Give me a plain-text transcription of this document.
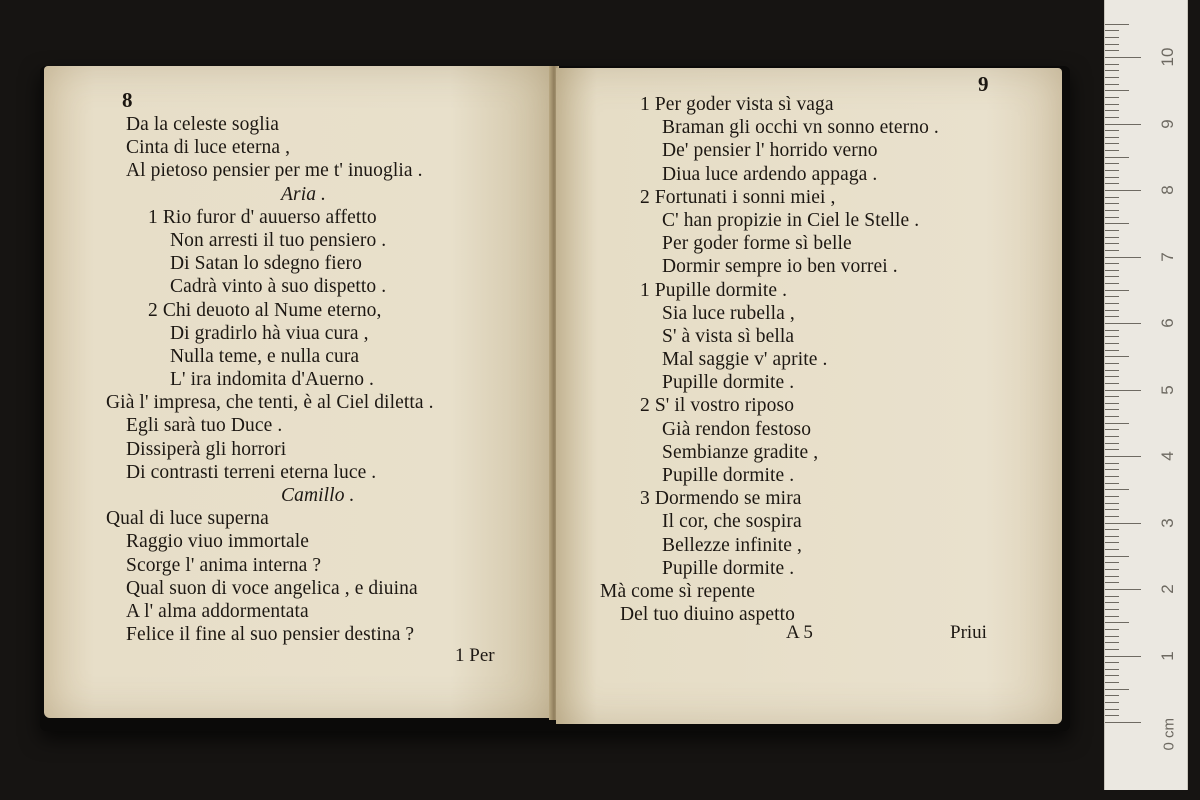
8
Da la celeste soglia
Cinta di luce eterna ,
Al pietoso pensier per me t' inuoglia .
Aria .
1 Rio furor d' auuerso affetto
Non arresti il tuo pensiero .
Di Satan lo sdegno fiero
Cadrà vinto à suo dispetto .
2 Chi deuoto al Nume eterno,
Di gradirlo hà viua cura ,
Nulla teme, e nulla cura
L' ira indomita d'Auerno .
Già l' impresa, che tenti, è al Ciel diletta .
Egli sarà tuo Duce .
Dissiperà gli horrori
Di contrasti terreni eterna luce .
Camillo .
Qual di luce superna
Raggio viuo immortale
Scorge l' anima interna ?
Qual suon di voce angelica , e diuina
A l' alma addormentata
Felice il fine al suo pensier destina ?
1 Per
9
1 Per goder vista sì vaga
Braman gli occhi vn sonno eterno .
De' pensier l' horrido verno
Diua luce ardendo appaga .
2 Fortunati i sonni miei ,
C' han propizie in Ciel le Stelle .
Per goder forme sì belle
Dormir sempre io ben vorrei .
1 Pupille dormite .
Sia luce rubella ,
S' à vista sì bella
Mal saggie v' aprite .
Pupille dormite .
2 S' il vostro riposo
Già rendon festoso
Sembianze gradite ,
Pupille dormite .
3 Dormendo se mira
Il cor, che sospira
Bellezze infinite ,
Pupille dormite .
Mà come sì repente
Del tuo diuino aspetto
A 5	Priui
0 cm
10
9
8
7
6
5
4
3
2
1
